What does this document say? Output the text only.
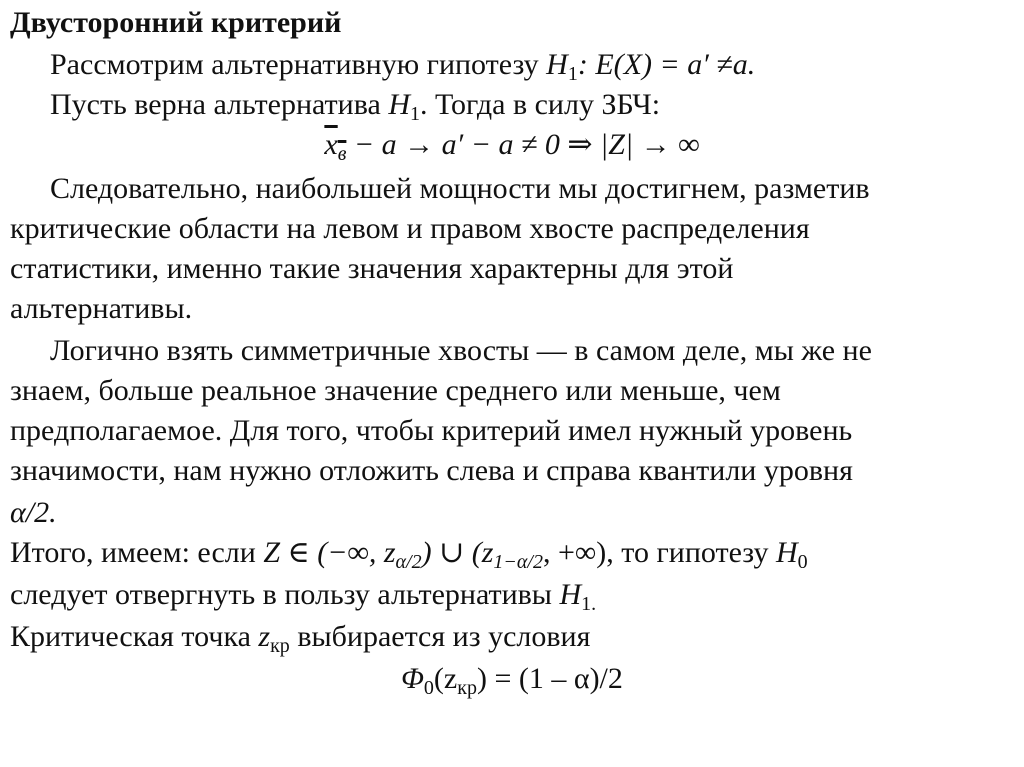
Двусторонний критерий
Рассмотрим альтернативную гипотезу $H_1$: E(X) = a′ ≠a.
Пусть верна альтернатива $H_1$. Тогда в силу ЗБЧ:
$x_в - a \to a' - a \ne 0$ ⇒ |Z| → ∞
Следовательно, наибольшей мощности мы достигнем, разметив
критические области на левом и правом хвосте распределения
статистики, именно такие значения характерны для этой
альтернативы.
Логично взять симметричные хвосты — в самом деле, мы же не
знаем, больше реальное значение среднего или меньше, чем
предполагаемое. Для того, чтобы критерий имел нужный уровень
значимости, нам нужно отложить слева и справа квантили уровня
α/2.
Итого, имеем: если Z ∈ (−∞, $z_{\alpha/2}$) ∪ ($z_{1-\alpha/2}$, +∞), то гипотезу $H_0$
следует отвергнуть в пользу альтернативы $H_{1.}$
Критическая точка $z_{кр}$ выбирается из условия
$\Phi_0(z_{кр}) = (1 - \alpha)/2$
